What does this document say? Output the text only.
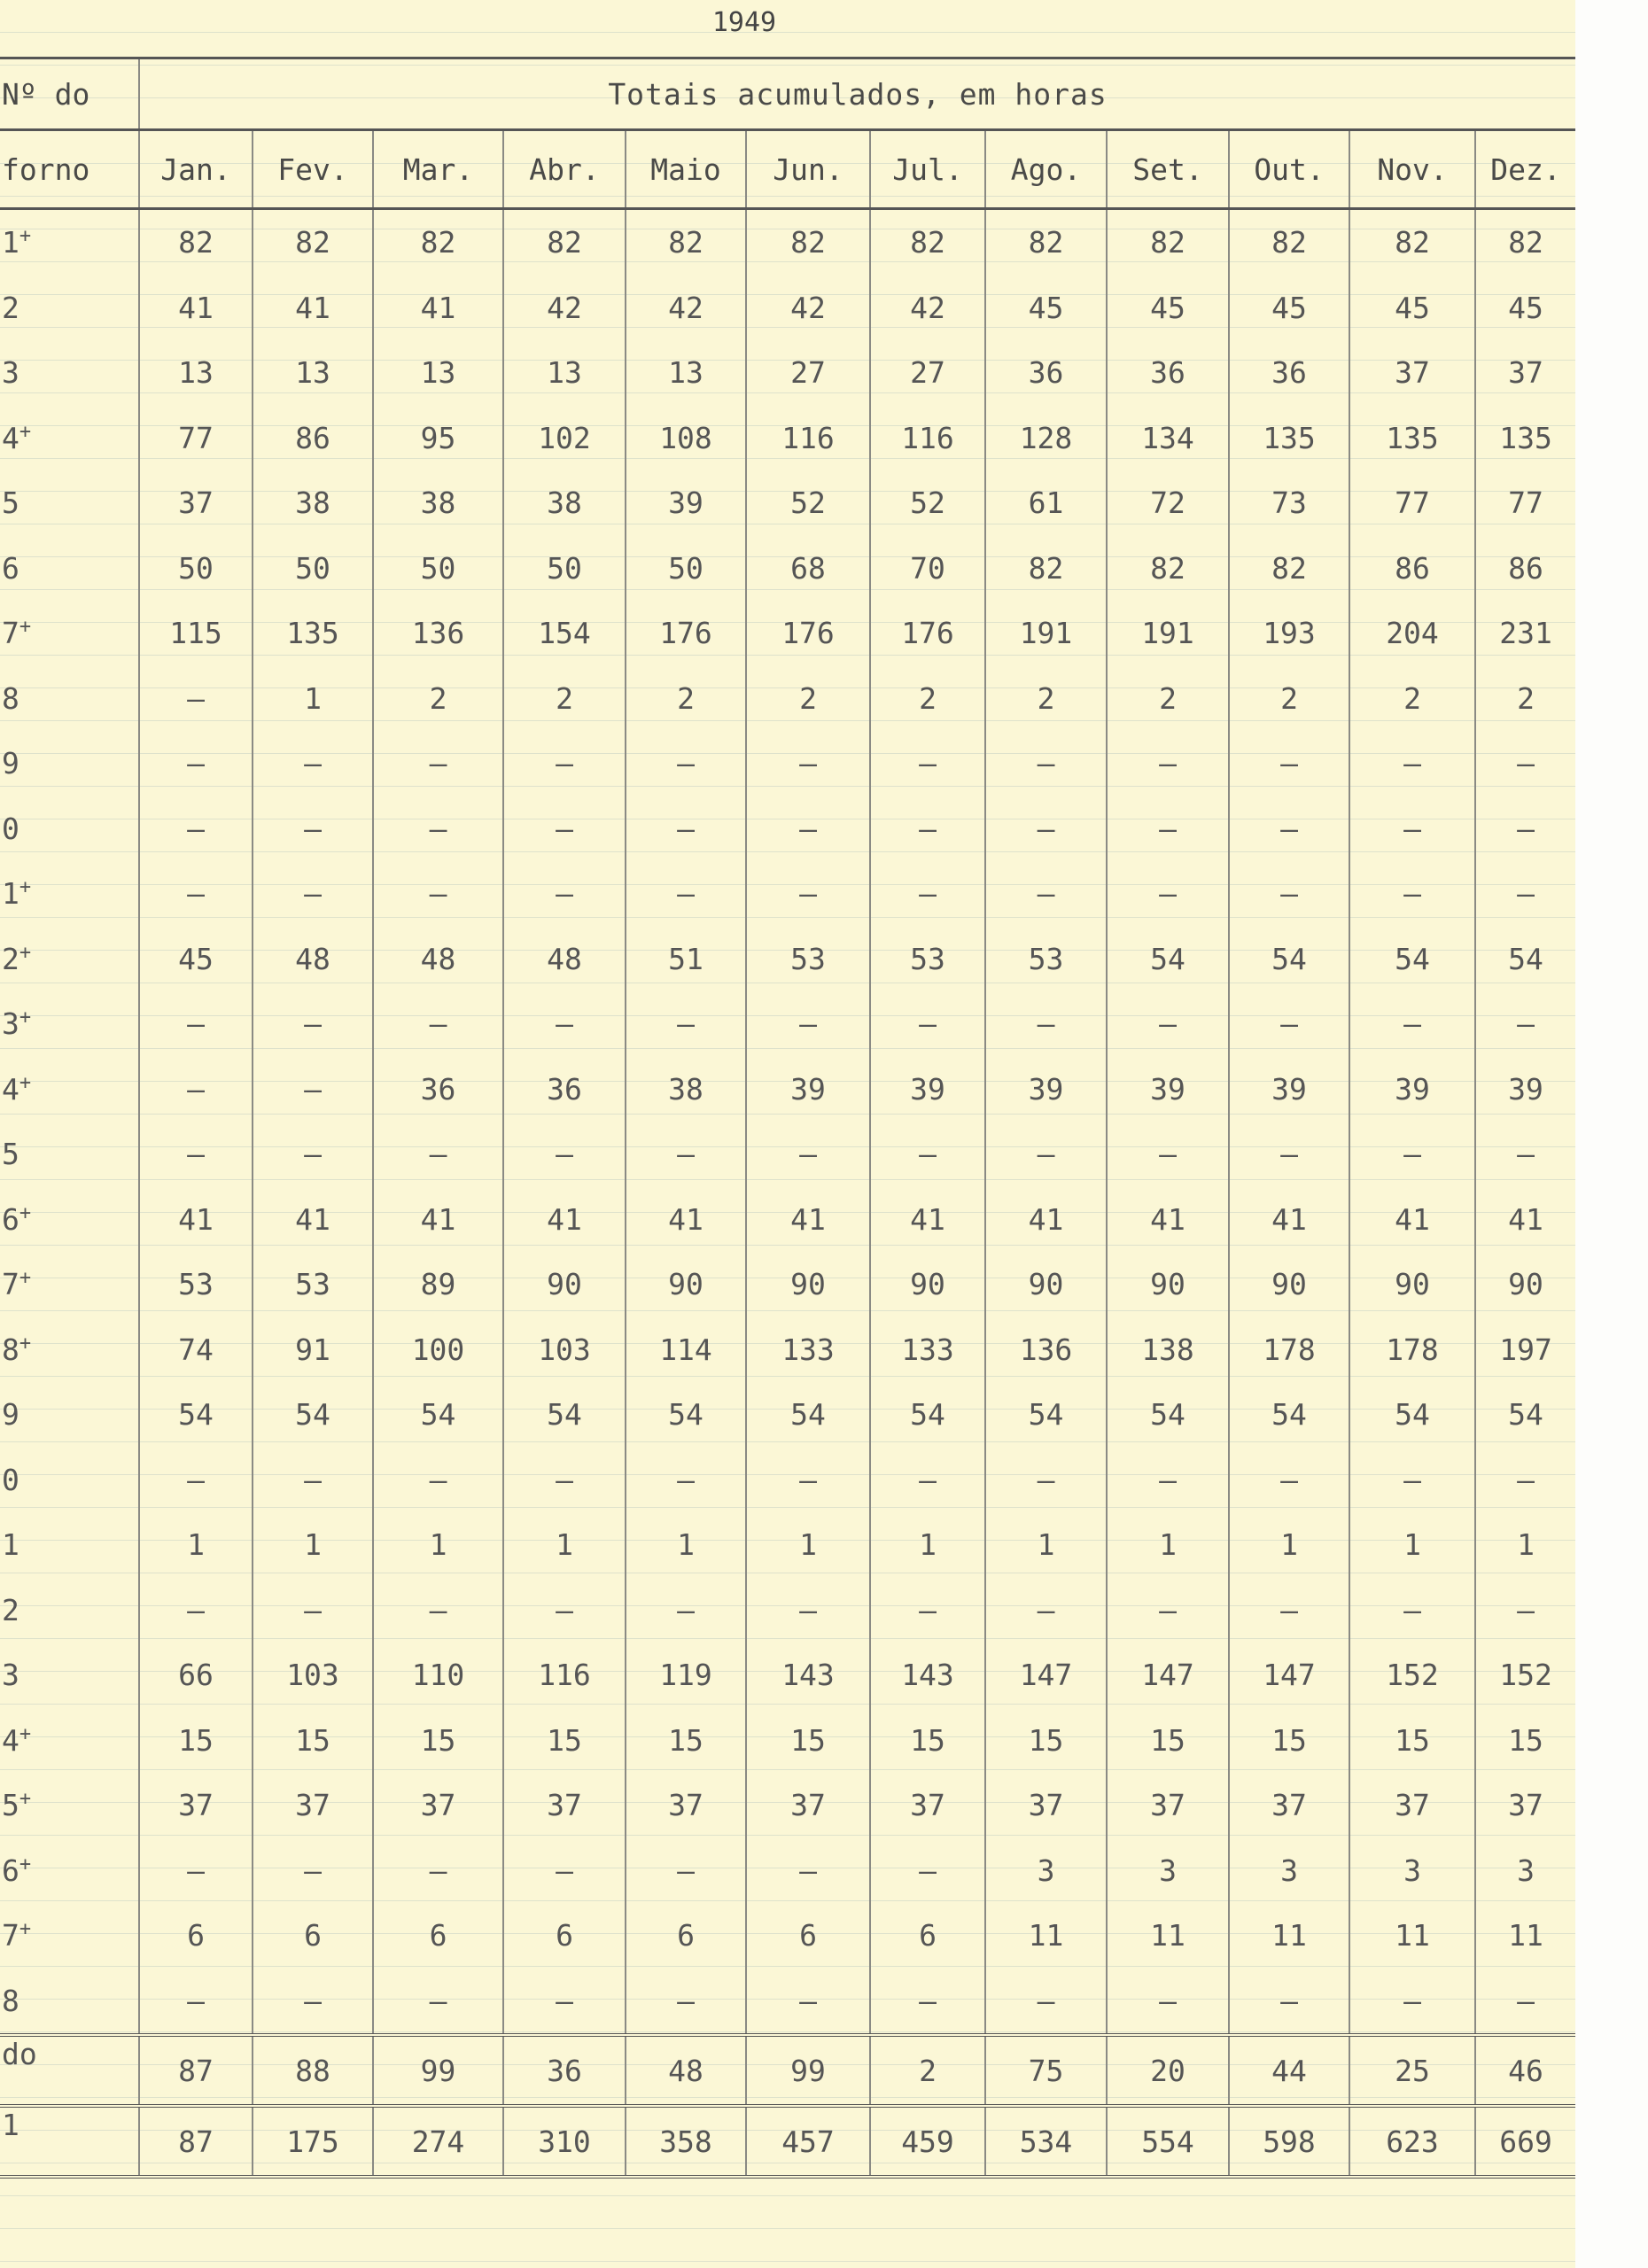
1949
Nº do	Totais acumulados, em horas											
forno	Jan.	Fev.	Mar.	Abr.	Maio	Jun.	Jul.	Ago.	Set.	Out.	Nov.	Dez.
1+	82	82	82	82	82	82	82	82	82	82	82	82
2	41	41	41	42	42	42	42	45	45	45	45	45
3	13	13	13	13	13	27	27	36	36	36	37	37
4+	77	86	95	102	108	116	116	128	134	135	135	135
5	37	38	38	38	39	52	52	61	72	73	77	77
6	50	50	50	50	50	68	70	82	82	82	86	86
7+	115	135	136	154	176	176	176	191	191	193	204	231
8	–	1	2	2	2	2	2	2	2	2	2	2
9	–	–	–	–	–	–	–	–	–	–	–	–
0	–	–	–	–	–	–	–	–	–	–	–	–
1+	–	–	–	–	–	–	–	–	–	–	–	–
2+	45	48	48	48	51	53	53	53	54	54	54	54
3+	–	–	–	–	–	–	–	–	–	–	–	–
4+	–	–	36	36	38	39	39	39	39	39	39	39
5	–	–	–	–	–	–	–	–	–	–	–	–
6+	41	41	41	41	41	41	41	41	41	41	41	41
7+	53	53	89	90	90	90	90	90	90	90	90	90
8+	74	91	100	103	114	133	133	136	138	178	178	197
9	54	54	54	54	54	54	54	54	54	54	54	54
0	–	–	–	–	–	–	–	–	–	–	–	–
1	1	1	1	1	1	1	1	1	1	1	1	1
2	–	–	–	–	–	–	–	–	–	–	–	–
3	66	103	110	116	119	143	143	147	147	147	152	152
4+	15	15	15	15	15	15	15	15	15	15	15	15
5+	37	37	37	37	37	37	37	37	37	37	37	37
6+	–	–	–	–	–	–	–	3	3	3	3	3
7+	6	6	6	6	6	6	6	11	11	11	11	11
8	–	–	–	–	–	–	–	–	–	–	–	–
do	87	88	99	36	48	99	2	75	20	44	25	46
1	87	175	274	310	358	457	459	534	554	598	623	669
